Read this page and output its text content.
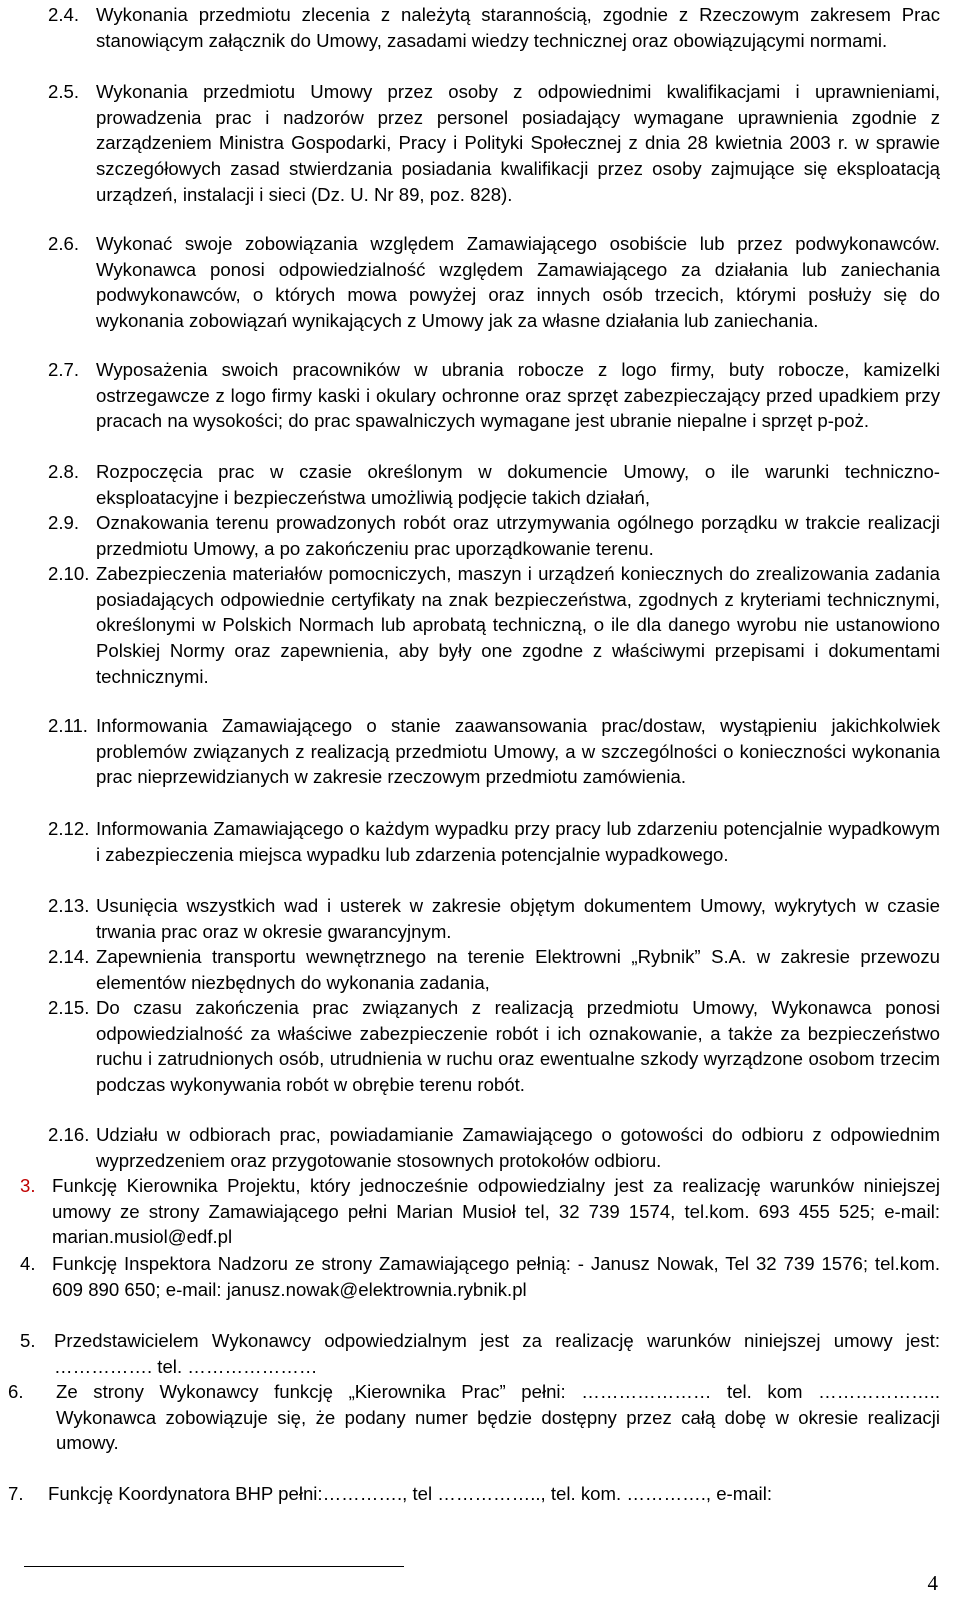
2.4. Wykonania przedmiotu zlecenia z należytą starannością, zgodnie z Rzeczowym zakresem Prac stanowiącym załącznik do Umowy, zasadami wiedzy technicznej oraz obowiązującymi normami.
2.5. Wykonania przedmiotu Umowy przez osoby z odpowiednimi kwalifikacjami i uprawnieniami, prowadzenia prac i nadzorów przez personel posiadający wymagane uprawnienia zgodnie z zarządzeniem Ministra Gospodarki, Pracy i Polityki Społecznej z dnia 28 kwietnia 2003 r. w sprawie szczegółowych zasad stwierdzania posiadania kwalifikacji przez osoby zajmujące się eksploatacją urządzeń, instalacji i sieci (Dz. U. Nr 89, poz. 828).
2.6. Wykonać swoje zobowiązania względem Zamawiającego osobiście lub przez podwykonawców. Wykonawca ponosi odpowiedzialność względem Zamawiającego za działania lub zaniechania podwykonawców, o których mowa powyżej oraz innych osób trzecich, którymi posłuży się do wykonania zobowiązań wynikających z Umowy jak za własne działania lub zaniechania.
2.7. Wyposażenia swoich pracowników w ubrania robocze z logo firmy, buty robocze, kamizelki ostrzegawcze z logo firmy kaski i okulary ochronne oraz sprzęt zabezpieczający przed upadkiem przy pracach na wysokości; do prac spawalniczych wymagane jest ubranie niepalne i sprzęt p-poż.
2.8. Rozpoczęcia prac w czasie określonym w dokumencie Umowy, o ile warunki techniczno-eksploatacyjne i bezpieczeństwa umożliwią podjęcie takich działań,
2.9. Oznakowania terenu prowadzonych robót oraz utrzymywania ogólnego porządku w trakcie realizacji przedmiotu Umowy, a po zakończeniu prac uporządkowanie terenu.
2.10. Zabezpieczenia materiałów pomocniczych, maszyn i urządzeń koniecznych do zrealizowania zadania posiadających odpowiednie certyfikaty na znak bezpieczeństwa, zgodnych z kryteriami technicznymi, określonymi w Polskich Normach lub aprobatą techniczną, o ile dla danego wyrobu nie ustanowiono Polskiej Normy oraz zapewnienia, aby były one zgodne z właściwymi przepisami i dokumentami technicznymi.
2.11. Informowania Zamawiającego o stanie zaawansowania prac/dostaw, wystąpieniu jakichkolwiek problemów związanych z realizacją przedmiotu Umowy, a w szczególności o konieczności wykonania prac nieprzewidzianych w zakresie rzeczowym przedmiotu zamówienia.
2.12. Informowania Zamawiającego o każdym wypadku przy pracy lub zdarzeniu potencjalnie wypadkowym i zabezpieczenia miejsca wypadku lub zdarzenia potencjalnie wypadkowego.
2.13. Usunięcia wszystkich wad i usterek w zakresie objętym dokumentem Umowy, wykrytych w czasie trwania prac oraz w okresie gwarancyjnym.
2.14. Zapewnienia transportu wewnętrznego na terenie Elektrowni „Rybnik” S.A. w zakresie przewozu elementów niezbędnych do wykonania zadania,
2.15. Do czasu zakończenia prac związanych z realizacją przedmiotu Umowy, Wykonawca ponosi odpowiedzialność za właściwe zabezpieczenie robót i ich oznakowanie, a także za bezpieczeństwo ruchu i zatrudnionych osób, utrudnienia w ruchu oraz ewentualne szkody wyrządzone osobom trzecim podczas wykonywania robót w obrębie terenu robót.
2.16. Udziału w odbiorach prac, powiadamianie Zamawiającego o gotowości do odbioru z odpowiednim wyprzedzeniem oraz przygotowanie stosownych protokołów odbioru.
3. Funkcję Kierownika Projektu, który jednocześnie odpowiedzialny jest za realizację warunków niniejszej umowy ze strony Zamawiającego pełni Marian Musioł tel, 32 739 1574, tel.kom. 693 455 525; e-mail: marian.musiol@edf.pl
4. Funkcję Inspektora Nadzoru ze strony Zamawiającego pełnią: - Janusz Nowak, Tel 32 739 1576; tel.kom. 609 890 650; e-mail: janusz.nowak@elektrownia.rybnik.pl
5. Przedstawicielem Wykonawcy odpowiedzialnym jest za realizację warunków niniejszej umowy jest: ……………. tel. …………………
6.	Ze strony Wykonawcy funkcję „Kierownika Prac” pełni: ………………… tel. kom ……………….. Wykonawca zobowiązuje się, że podany numer będzie dostępny przez całą dobę w okresie realizacji umowy.
7.	Funkcję Koordynatora BHP pełni:…………., tel …………….., tel. kom. …………., e-mail:
4
